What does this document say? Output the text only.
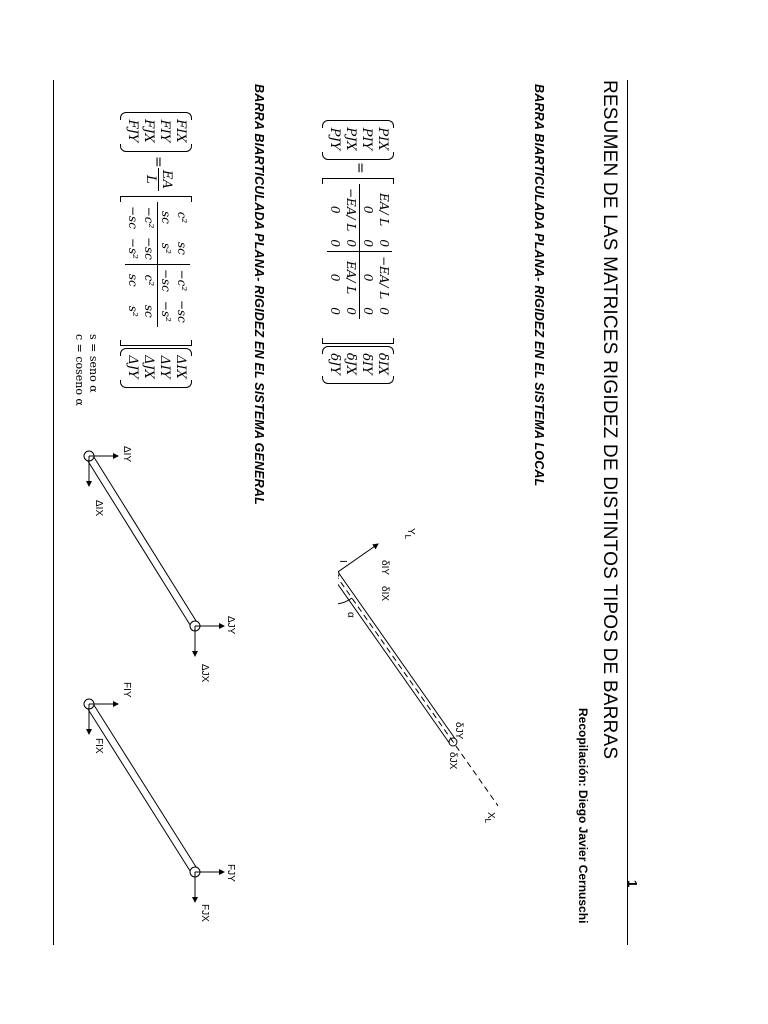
1
RESUMEN DE LAS MATRICES RIGIDEZ DE DISTINTOS TIPOS DE BARRAS
Recopilación: Diego Javier Cernuschi
BARRA BIARTICULADA PLANA- RIGIDEZ EN EL SISTEMA LOCAL
PIX
PIY
PJX
PJY
=
EA/ L	0	−EA/ L	0
0	0	0	0
−EA/ L	0	EA/ L	0
0	0	0	0
δIX
δIY
δJX
δJY
$Y_L$
$X_L$
δIY
δIX
δJY
δJX
α
I
BARRA BIARTICULADA PLANA- RIGIDEZ EN EL SISTEMA GENERAL
FIX
FIY
FJX
FJY
=
EA
L
c²	sc	−c²	−sc
sc	s²	−sc	−s²
−c²	−sc	c²	sc
−sc	−s²	sc	s²
ΔIX
ΔIY
ΔJX
ΔJY
s = seno α
c = coseno α
ΔIY
ΔIX
ΔJY
ΔJX
FIY
FIX
FJY
FJX
